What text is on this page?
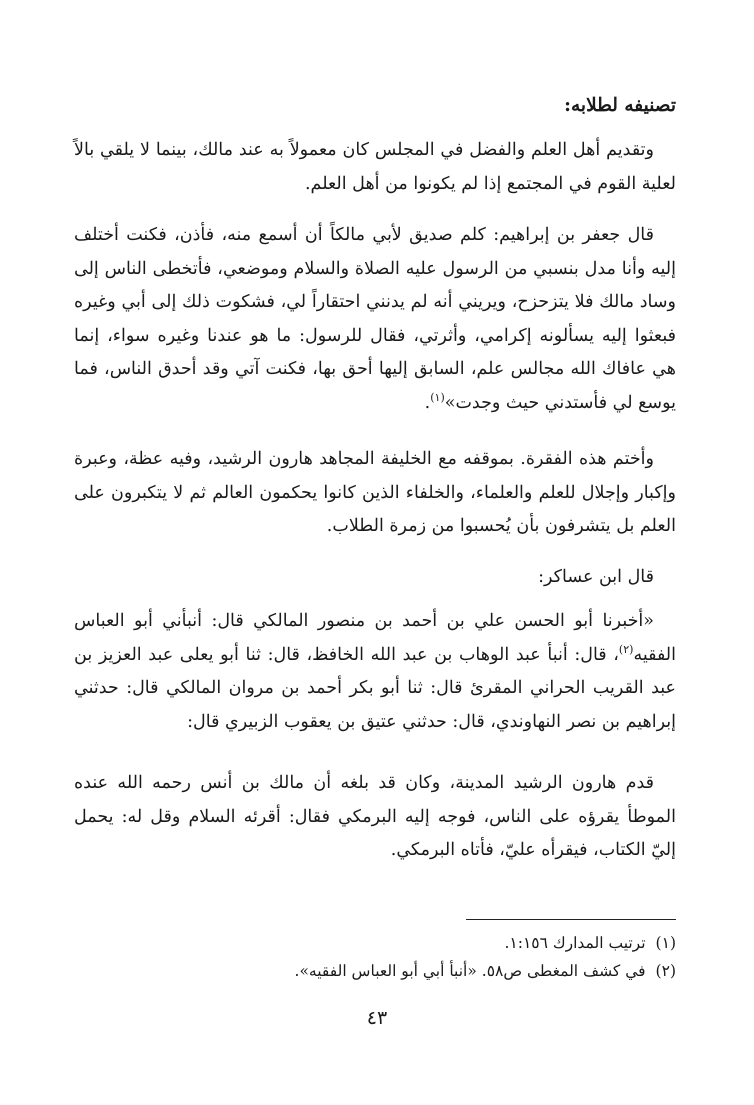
تصنيفه لطلابه:

وتقديم أهل العلم والفضل في المجلس كان معمولاً به عند مالك، بينما لا يلقي بالاً لعلية القوم في المجتمع إذا لم يكونوا من أهل العلم.

قال جعفر بن إبراهيم: كلم صديق لأبي مالكاً أن أسمع منه، فأذن، فكنت أختلف إليه وأنا مدل بنسبي من الرسول عليه الصلاة والسلام وموضعي، فأتخطى الناس إلى وساد مالك فلا يتزحزح، ويريني أنه لم يدنني احتقاراً لي، فشكوت ذلك إلى أبي وغيره فبعثوا إليه يسألونه إكرامي، وأثرتي، فقال للرسول: ما هو عندنا وغيره سواء، إنما هي عافاك الله مجالس علم، السابق إليها أحق بها، فكنت آتي وقد أحدق الناس، فما يوسع لي فأستدني حيث وجدت»$^{(١)}$.

وأختم هذه الفقرة. بموقفه مع الخليفة المجاهد هارون الرشيد، وفيه عظة، وعبرة وإكبار وإجلال للعلم والعلماء، والخلفاء الذين كانوا يحكمون العالم ثم لا يتكبرون على العلم بل يتشرفون بأن يُحسبوا من زمرة الطلاب.

قال ابن عساكر:

«أخبرنا أبو الحسن علي بن أحمد بن منصور المالكي قال: أنبأني أبو العباس الفقيه$^{(٢)}$، قال: أنبأ عبد الوهاب بن عبد الله الخافظ، قال: ثنا أبو يعلى عبد العزيز بن عبد القريب الحراني المقرئ قال: ثنا أبو بكر أحمد بن مروان المالكي قال: حدثني إبراهيم بن نصر النهاوندي، قال: حدثني عتيق بن يعقوب الزبيري قال:

قدم هارون الرشيد المدينة، وكان قد بلغه أن مالك بن أنس رحمه الله عنده الموطأ يقرؤه على الناس، فوجه إليه البرمكي فقال: أقرئه السلام وقل له: يحمل إليّ الكتاب، فيقرأه عليّ، فأتاه البرمكي.

(١)ترتيب المدارك ١:١٥٦.

(٢)في كشف المغطى ص٥٨. «أنبأ أبي أبو العباس الفقيه».

٤٣
